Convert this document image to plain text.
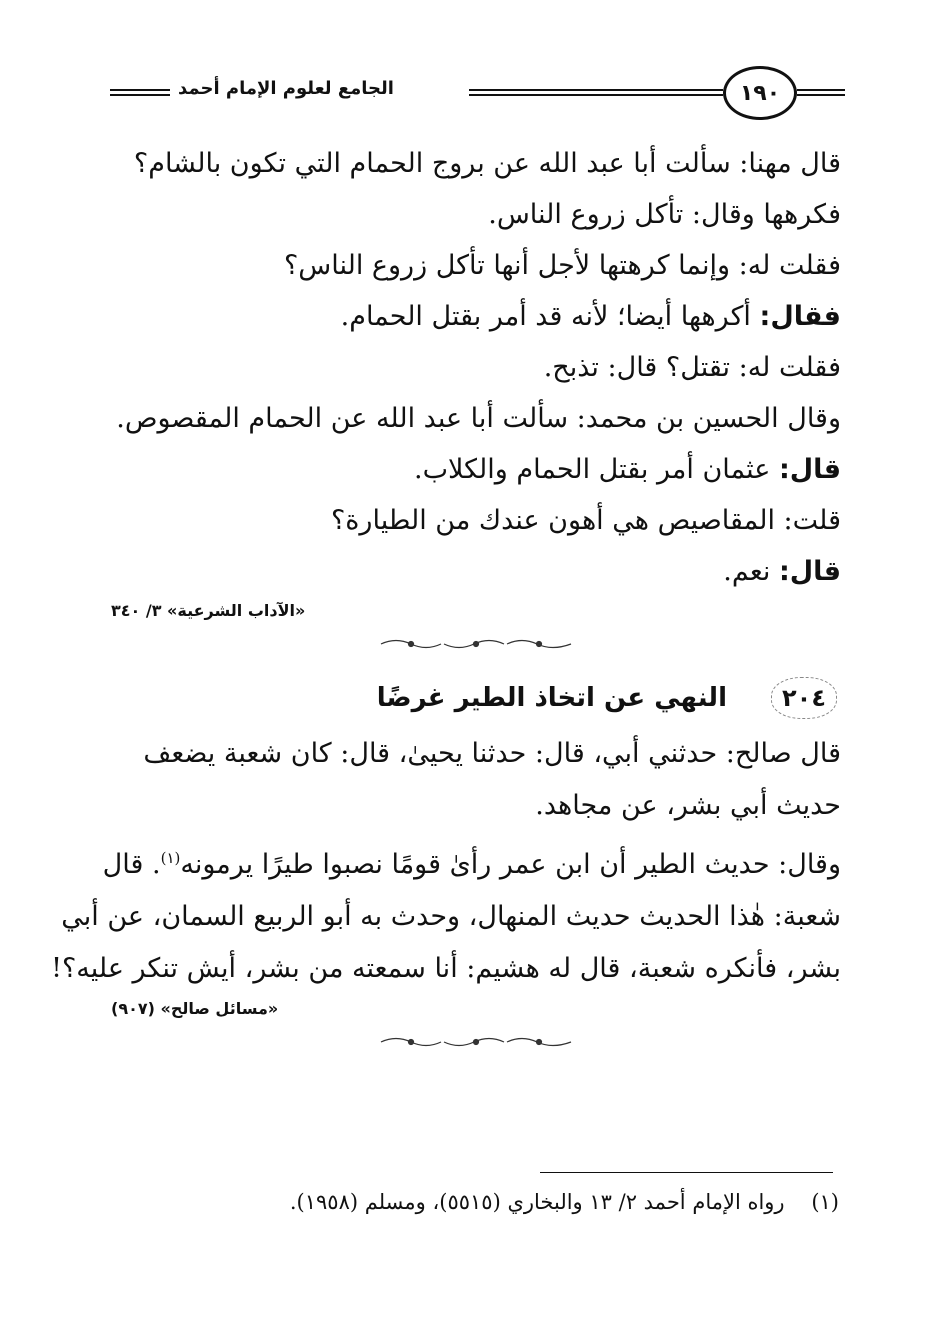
١٩٠
الجامع لعلوم الإمام أحمد
قال مهنا: سألت أبا عبد الله عن بروج الحمام التي تكون بالشام؟
فكرهها وقال: تأكل زروع الناس.
فقلت له: وإنما كرهتها لأجل أنها تأكل زروع الناس؟
فقال: أكرهها أيضا؛ لأنه قد أمر بقتل الحمام.
فقلت له: تقتل؟ قال: تذبح.
وقال الحسين بن محمد: سألت أبا عبد الله عن الحمام المقصوص.
قال: عثمان أمر بقتل الحمام والكلاب.
قلت: المقاصيص هي أهون عندك من الطيارة؟
قال: نعم.
«الآداب الشرعية» ٣/ ٣٤٠
٢٠٤
النهي عن اتخاذ الطير غرضًا
قال صالح: حدثني أبي، قال: حدثنا يحيىٰ، قال: كان شعبة يضعف
حديث أبي بشر، عن مجاهد.
وقال: حديث الطير أن ابن عمر رأىٰ قومًا نصبوا طيرًا يرمونه$^{(١)}$. قال
شعبة: هٰذا الحديث حديث المنهال، وحدث به أبو الربيع السمان، عن أبي
بشر، فأنكره شعبة، قال له هشيم: أنا سمعته من بشر، أيش تنكر عليه؟!
«مسائل صالح» (٩٠٧)
(١)    رواه الإمام أحمد ٢/ ١٣ والبخاري (٥٥١٥)، ومسلم (١٩٥٨).
